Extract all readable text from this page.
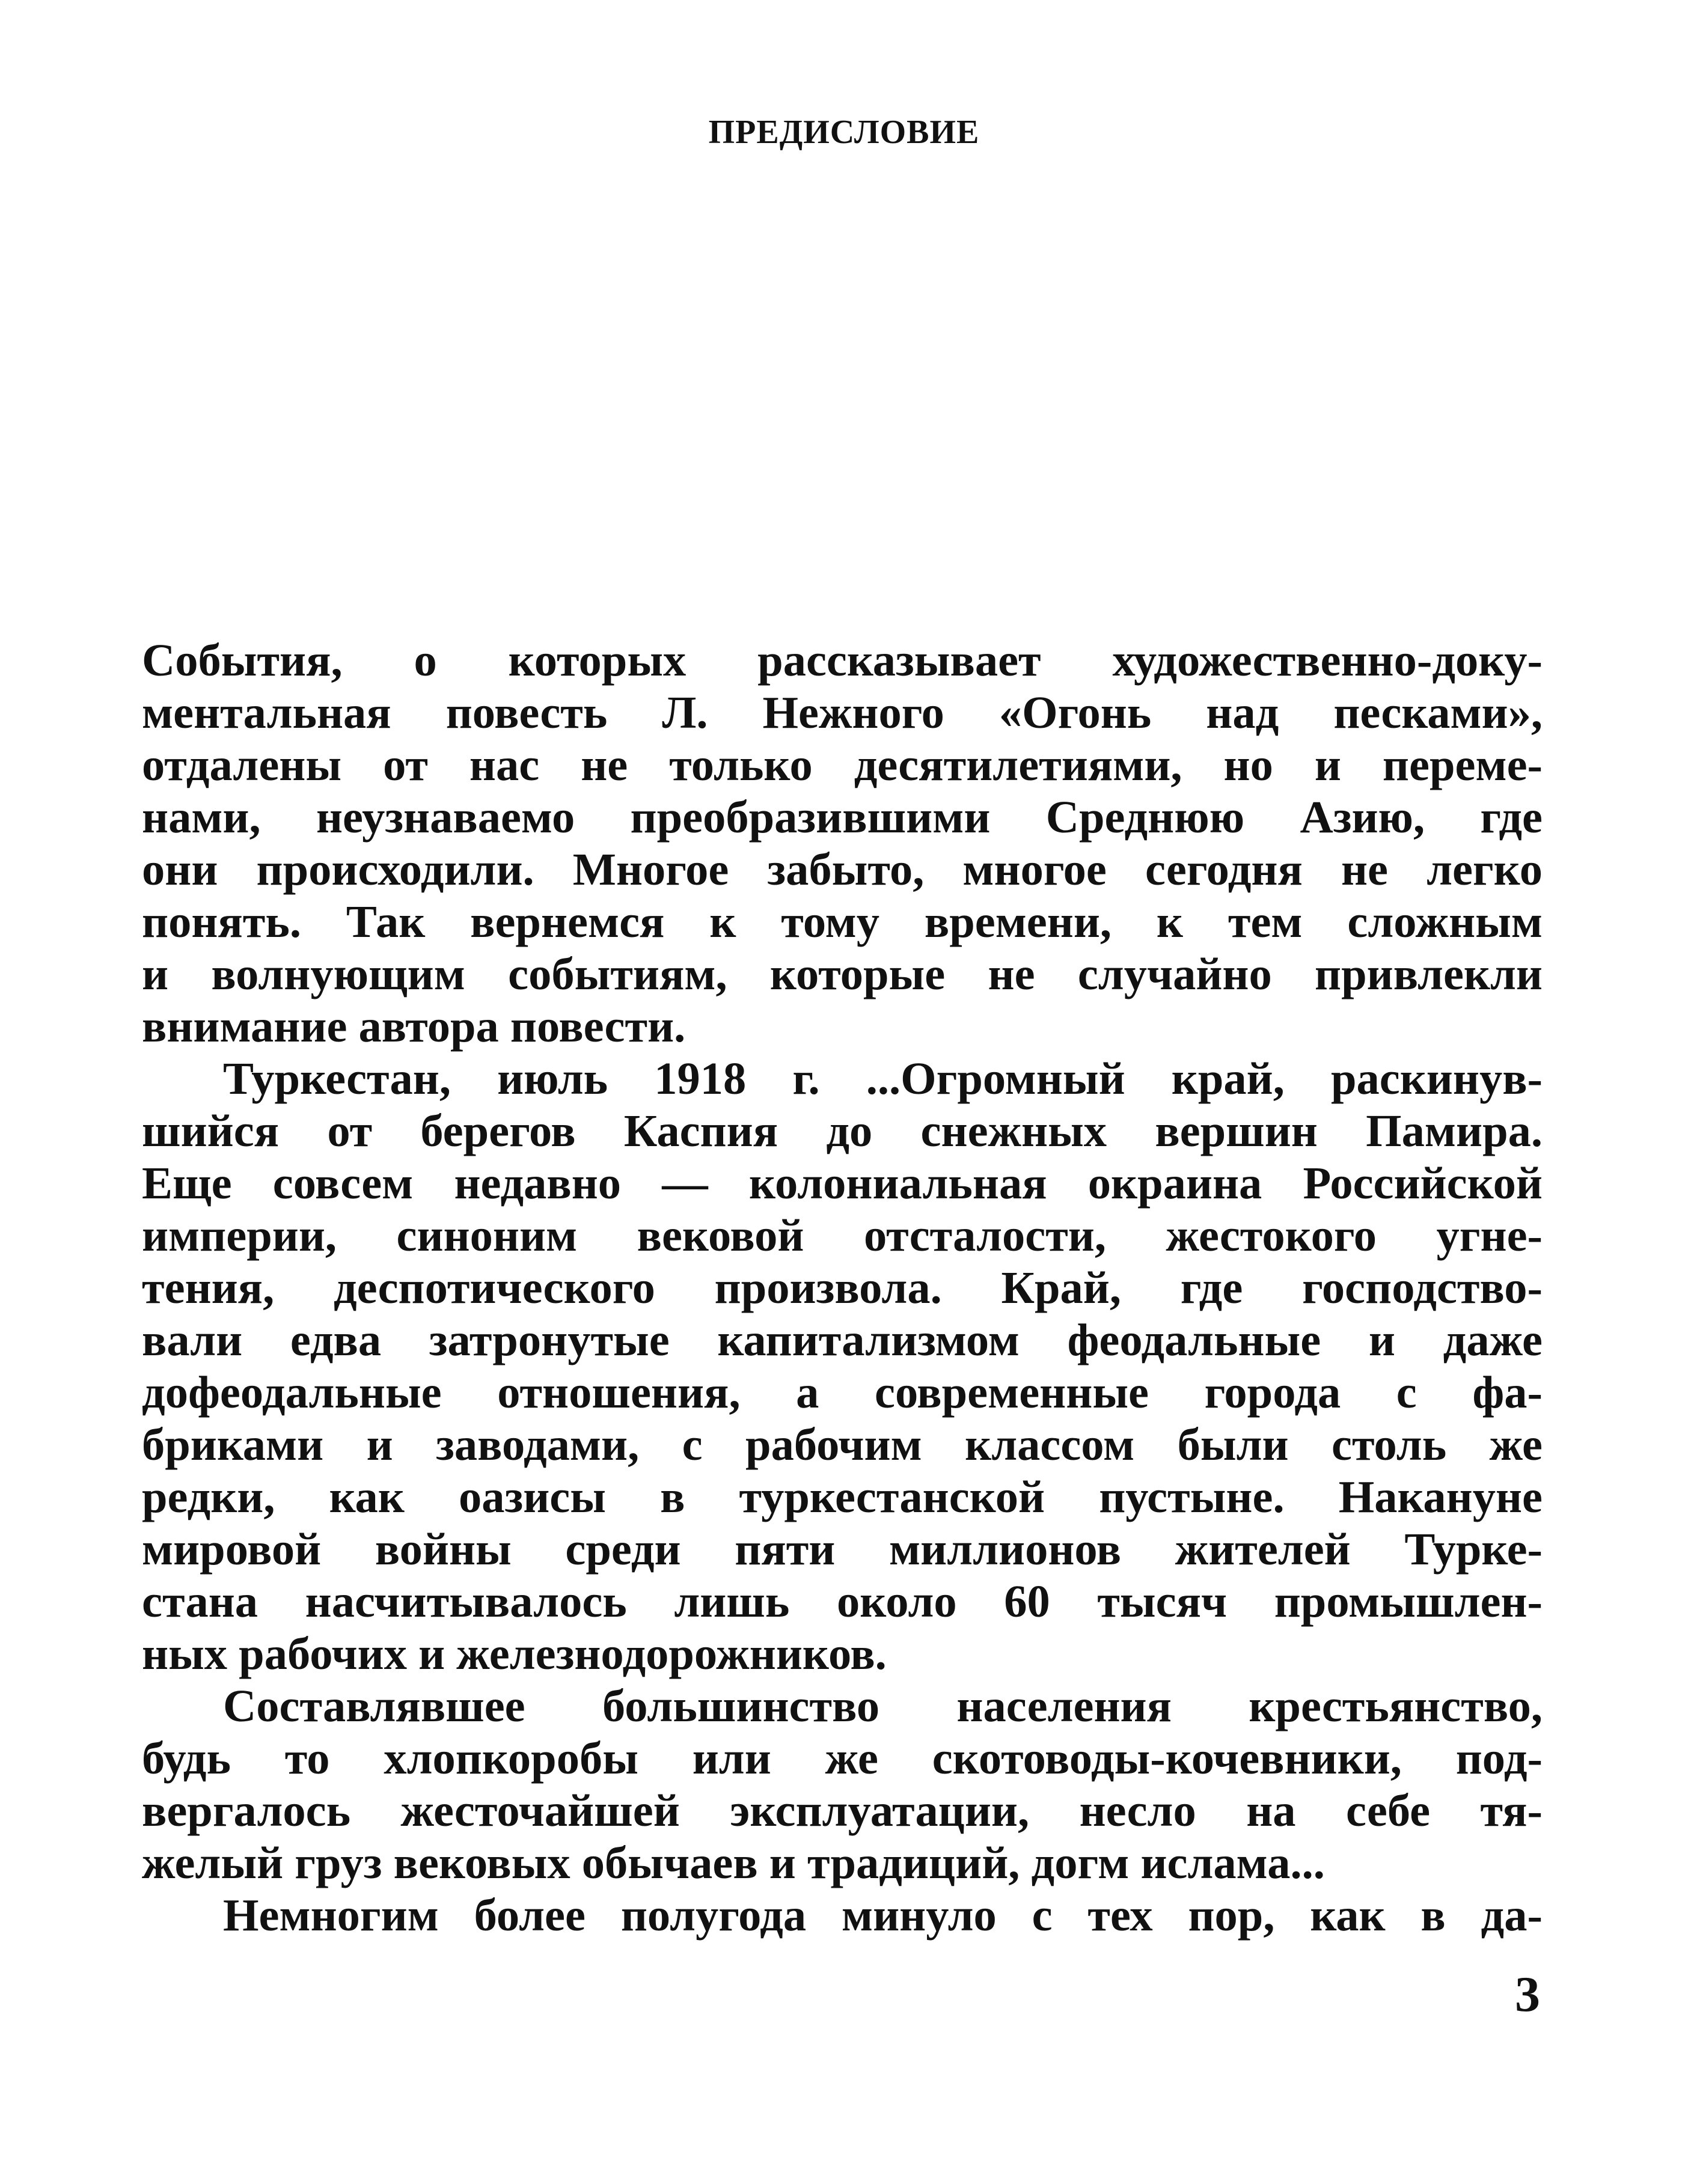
ПРЕДИСЛОВИЕ
События, о которых рассказывает художественно-доку-
ментальная повесть Л. Нежного «Огонь над песками»,
отдалены от нас не только десятилетиями, но и переме-
нами, неузнаваемо преобразившими Среднюю Азию, где
они происходили. Многое забыто, многое сегодня не легко
понять. Так вернемся к тому времени, к тем сложным
и волнующим событиям, которые не случайно привлекли
внимание автора повести.
Туркестан, июль 1918 г. ...Огромный край, раскинув-
шийся от берегов Каспия до снежных вершин Памира.
Еще совсем недавно — колониальная окраина Российской
империи, синоним вековой отсталости, жестокого угне-
тения, деспотического произвола. Край, где господство-
вали едва затронутые капитализмом феодальные и даже
дофеодальные отношения, а современные города с фа-
бриками и заводами, с рабочим классом были столь же
редки, как оазисы в туркестанской пустыне. Накануне
мировой войны среди пяти миллионов жителей Турке-
стана насчитывалось лишь около 60 тысяч промышлен-
ных рабочих и железнодорожников.
Составлявшее большинство населения крестьянство,
будь то хлопкоробы или же скотоводы-кочевники, под-
вергалось жесточайшей эксплуатации, несло на себе тя-
желый груз вековых обычаев и традиций, догм ислама...
Немногим более полугода минуло с тех пор, как в да-
3
